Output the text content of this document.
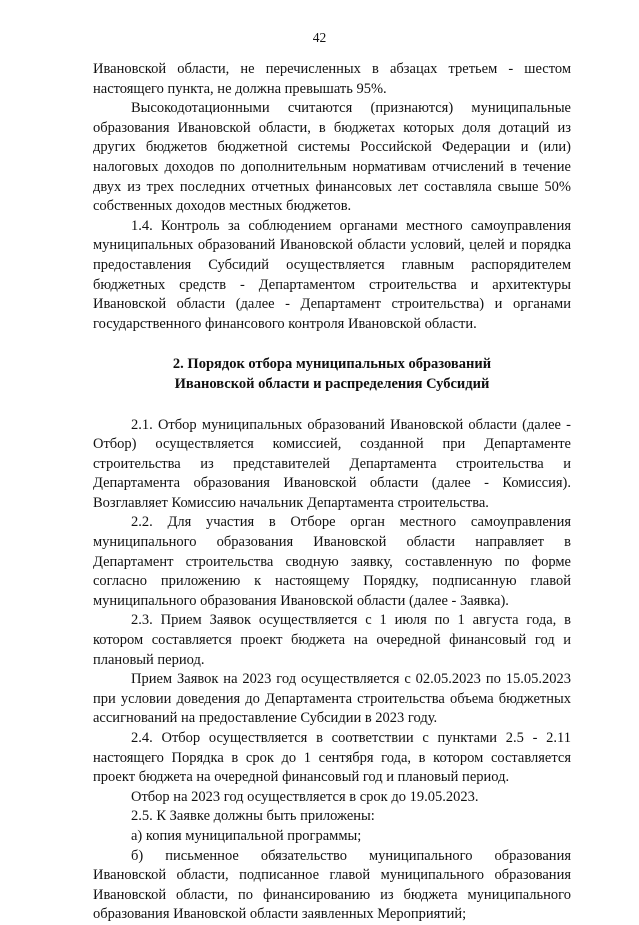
42

Ивановской области, не перечисленных в абзацах третьем - шестом настоящего пункта, не должна превышать 95%.

Высокодотационными считаются (признаются) муниципальные образования Ивановской области, в бюджетах которых доля дотаций из других бюджетов бюджетной системы Российской Федерации и (или) налоговых доходов по дополнительным нормативам отчислений в течение двух из трех последних отчетных финансовых лет составляла свыше 50% собственных доходов местных бюджетов.

1.4. Контроль за соблюдением органами местного самоуправления муниципальных образований Ивановской области условий, целей и порядка предоставления Субсидий осуществляется главным распорядителем бюджетных средств - Департаментом строительства и архитектуры Ивановской области (далее - Департамент строительства) и органами государственного финансового контроля Ивановской области.

2. Порядок отбора муниципальных образований
Ивановской области и распределения Субсидий

2.1. Отбор муниципальных образований Ивановской области (далее - Отбор) осуществляется комиссией, созданной при Департаменте строительства из представителей Департамента строительства и Департамента образования Ивановской области (далее - Комиссия). Возглавляет Комиссию начальник Департамента строительства.

2.2. Для участия в Отборе орган местного самоуправления муниципального образования Ивановской области направляет в Департамент строительства сводную заявку, составленную по форме согласно приложению к настоящему Порядку, подписанную главой муниципального образования Ивановской области (далее - Заявка).

2.3. Прием Заявок осуществляется с 1 июля по 1 августа года, в котором составляется проект бюджета на очередной финансовый год и плановый период.

Прием Заявок на 2023 год осуществляется с 02.05.2023 по 15.05.2023 при условии доведения до Департамента строительства объема бюджетных ассигнований на предоставление Субсидии в 2023 году.

2.4. Отбор осуществляется в соответствии с пунктами 2.5 - 2.11 настоящего Порядка в срок до 1 сентября года, в котором составляется проект бюджета на очередной финансовый год и плановый период.

Отбор на 2023 год осуществляется в срок до 19.05.2023.

2.5. К Заявке должны быть приложены:

а) копия муниципальной программы;

б) письменное обязательство муниципального образования Ивановской области, подписанное главой муниципального образования Ивановской области, по финансированию из бюджета муниципального образования Ивановской области заявленных Мероприятий;
